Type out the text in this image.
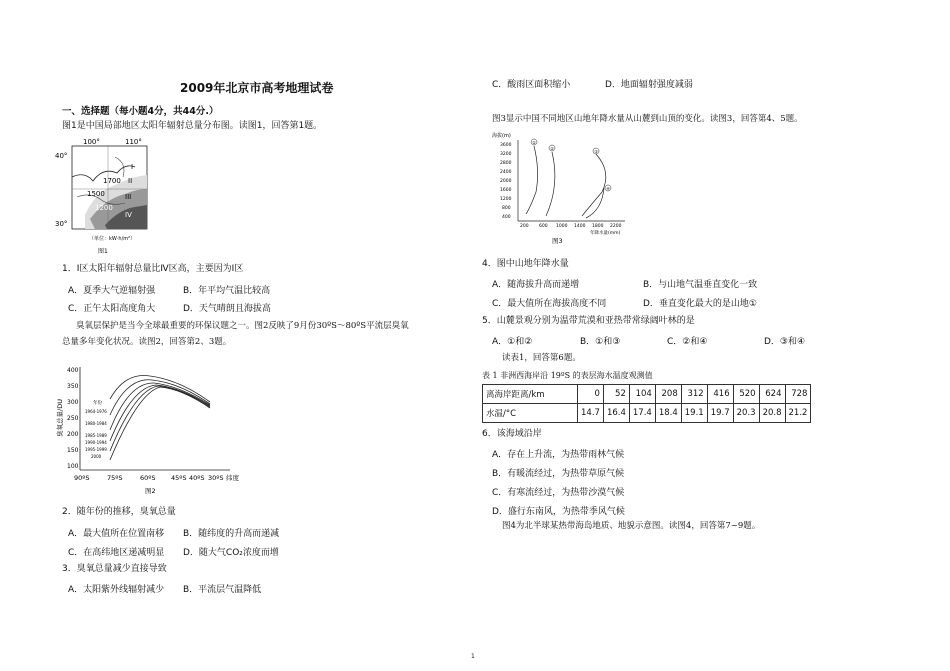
2009年北京市高考地理试卷
一、选择题（每小题4分，共44分.）
图1是中国局部地区太阳年辐射总量分布图。读图1，回答第1题。
100°	110°
40°
30°
1700
1500
1200
I
II
III
IV
（单位：kW·h/m²）
图1
1．Ⅰ区太阳年辐射总量比Ⅳ区高，主要因为Ⅰ区
A．夏季大气逆辐射强	B．年平均气温比较高
C．正午太阳高度角大	D．天气晴朗且海拔高
臭氧层保护是当今全球最重要的环保议题之一。图2反映了9月份30ºS～80ºS平流层臭氧
总量多年变化状况。读图2，回答第2、3题。
臭氧总量/DU
400
350
300
250
200
150
100
90ºS	75ºS	60ºS 45ºS 40ºS 30ºS 纬度
年份
1964-1976
1980-1984
1985-1989
1990-1994
1995-1999
2000
图2
2．随年份的推移，臭氧总量
A．最大值所在位置南移 B．随纬度的升高而递减
C．在高纬地区递减明显 D．随大气CO₂浓度而增
3．臭氧总量减少直接导致
A．太阳紫外线辐射减少 B．平流层气温降低
C．酸雨区面积缩小	D．地面辐射强度减弱
图3显示中国不同地区山地年降水量从山麓到山顶的变化。读图3，回答第4、5题。
海拔(m)
3600
3200
2800
2400
2000
1600
1200
800
400
200 600 1000 1400 1800 2200
年降水量(mm)
①
②
③
④
图3
4．图中山地年降水量
A．随海拔升高而递增	B．与山地气温垂直变化一致
C．最大值所在海拔高度不同	D．垂直变化最大的是山地①
5．山麓景观分别为温带荒漠和亚热带常绿阔叶林的是
A．①和②	B．①和③	C．②和④	D．③和④
读表1，回答第6题。
表 1 非洲西海岸沿 19ºS 的表层海水温度观测值
离海岸距离/km	0	52	104	208	312	416	520	624	728
水温/°C	14.7	16.4	17.4	18.4	19.1	19.7	20.3	20.8	21.2
6．该海域沿岸
A．存在上升流，为热带雨林气候
B．有暖流经过，为热带草原气候
C．有寒流经过，为热带沙漠气候
D．盛行东南风，为热带季风气候
图4为北半球某热带海岛地质、地貌示意图。读图4，回答第7~9题。
1
